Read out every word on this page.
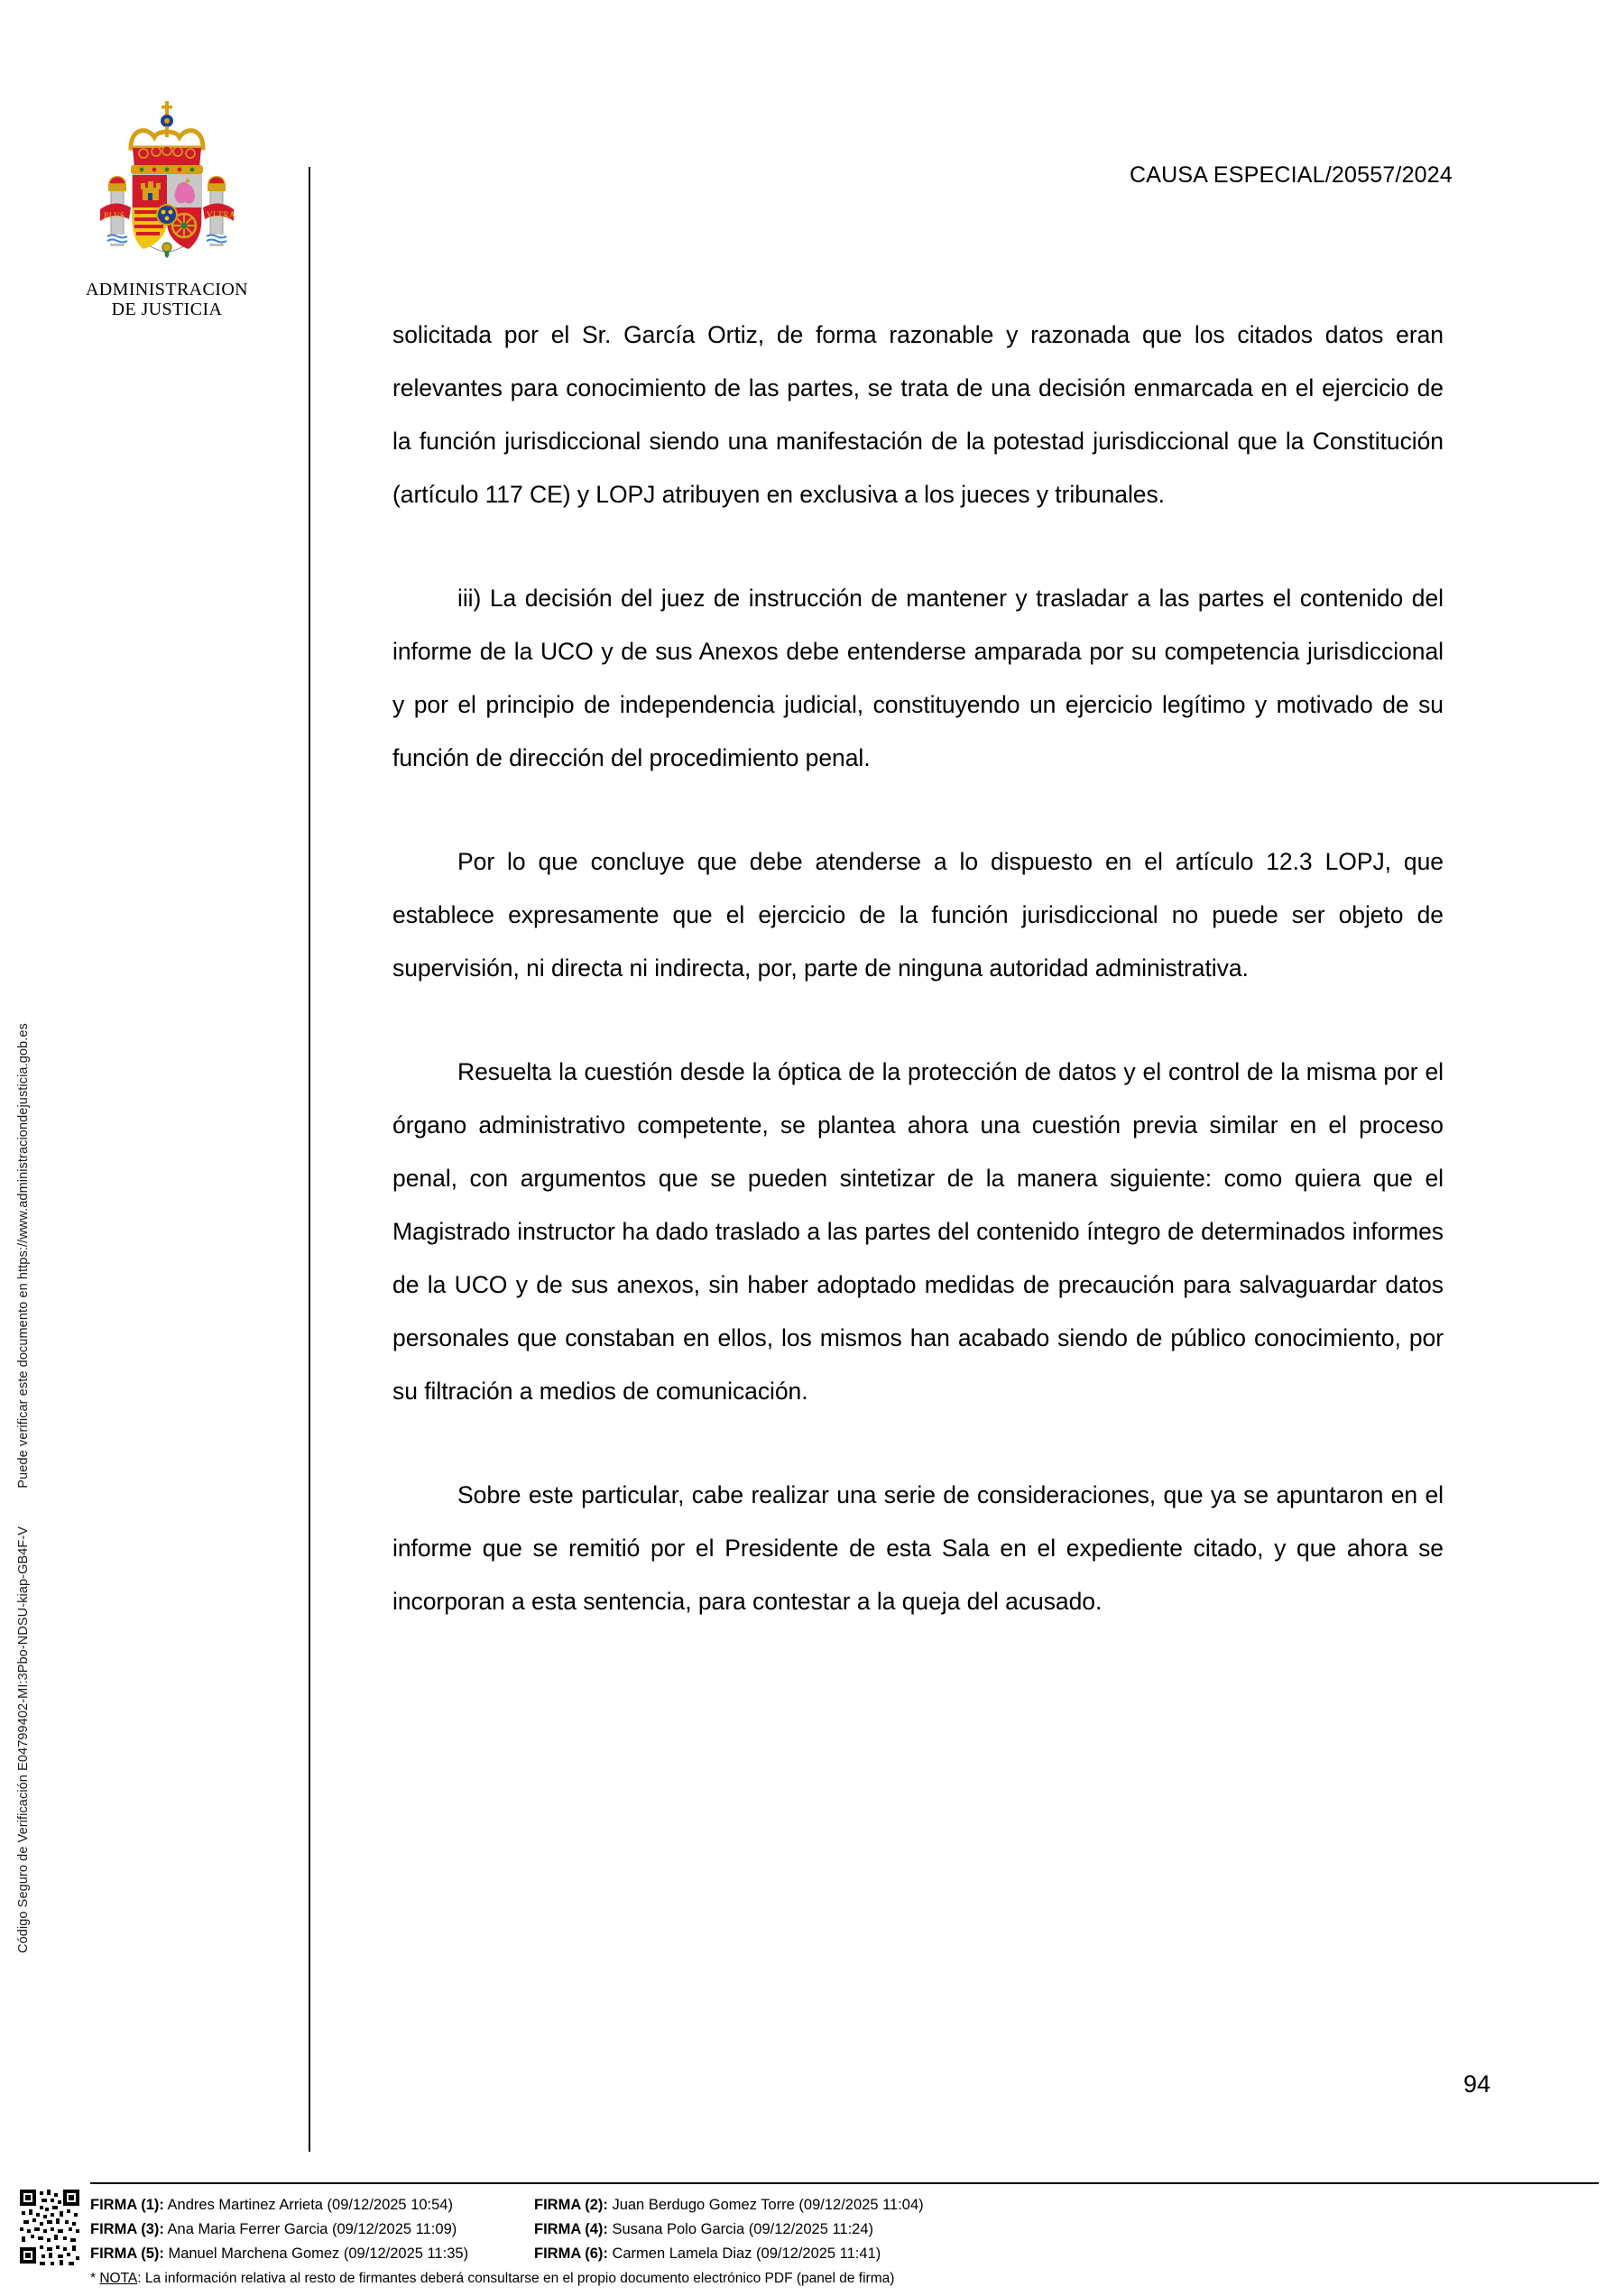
Código Seguro de Verificación E04799402-MI:3Pbo-NDSU-kiap-GB4F-V  Puede verificar este documento en https://www.administraciondejusticia.gob.es
PLVS	VLTRA
ADMINISTRACION
DE JUSTICIA
CAUSA ESPECIAL/20557/2024

solicitada por el Sr. García Ortiz, de forma razonable y razonada que los citados datos eran relevantes para conocimiento de las partes, se trata de una decisión enmarcada en el ejercicio de la función jurisdiccional siendo una manifestación de la potestad jurisdiccional que la Constitución (artículo 117 CE) y LOPJ atribuyen en exclusiva a los jueces y tribunales.

iii) La decisión del juez de instrucción de mantener y trasladar a las partes el contenido del informe de la UCO y de sus Anexos debe entenderse amparada por su competencia jurisdiccional y por el principio de independencia judicial, constituyendo un ejercicio legítimo y motivado de su función de dirección del procedimiento penal.

Por lo que concluye que debe atenderse a lo dispuesto en el artículo 12.3 LOPJ, que establece expresamente que el ejercicio de la función jurisdiccional no puede ser objeto de supervisión, ni directa ni indirecta, por, parte de ninguna autoridad administrativa.

Resuelta la cuestión desde la óptica de la protección de datos y el control de la misma por el órgano administrativo competente, se plantea ahora una cuestión previa similar en el proceso penal, con argumentos que se pueden sintetizar de la manera siguiente: como quiera que el Magistrado instructor ha dado traslado a las partes del contenido íntegro de determinados informes de la UCO y de sus anexos, sin haber adoptado medidas de precaución para salvaguardar datos personales que constaban en ellos, los mismos han acabado siendo de público conocimiento, por su filtración a medios de comunicación.

Sobre este particular, cabe realizar una serie de consideraciones, que ya se apuntaron en el informe que se remitió por el Presidente de esta Sala en el expediente citado, y que ahora se incorporan a esta sentencia, para contestar a la queja del acusado.

94
FIRMA (1): Andres Martinez Arrieta (09/12/2025 10:54)	FIRMA (2): Juan Berdugo Gomez Torre (09/12/2025 11:04)
FIRMA (3): Ana Maria Ferrer Garcia (09/12/2025 11:09)	FIRMA (4): Susana Polo Garcia (09/12/2025 11:24)
FIRMA (5): Manuel Marchena Gomez (09/12/2025 11:35)	FIRMA (6): Carmen Lamela Diaz (09/12/2025 11:41)
* NOTA: La información relativa al resto de firmantes deberá consultarse en el propio documento electrónico PDF (panel de firma)
